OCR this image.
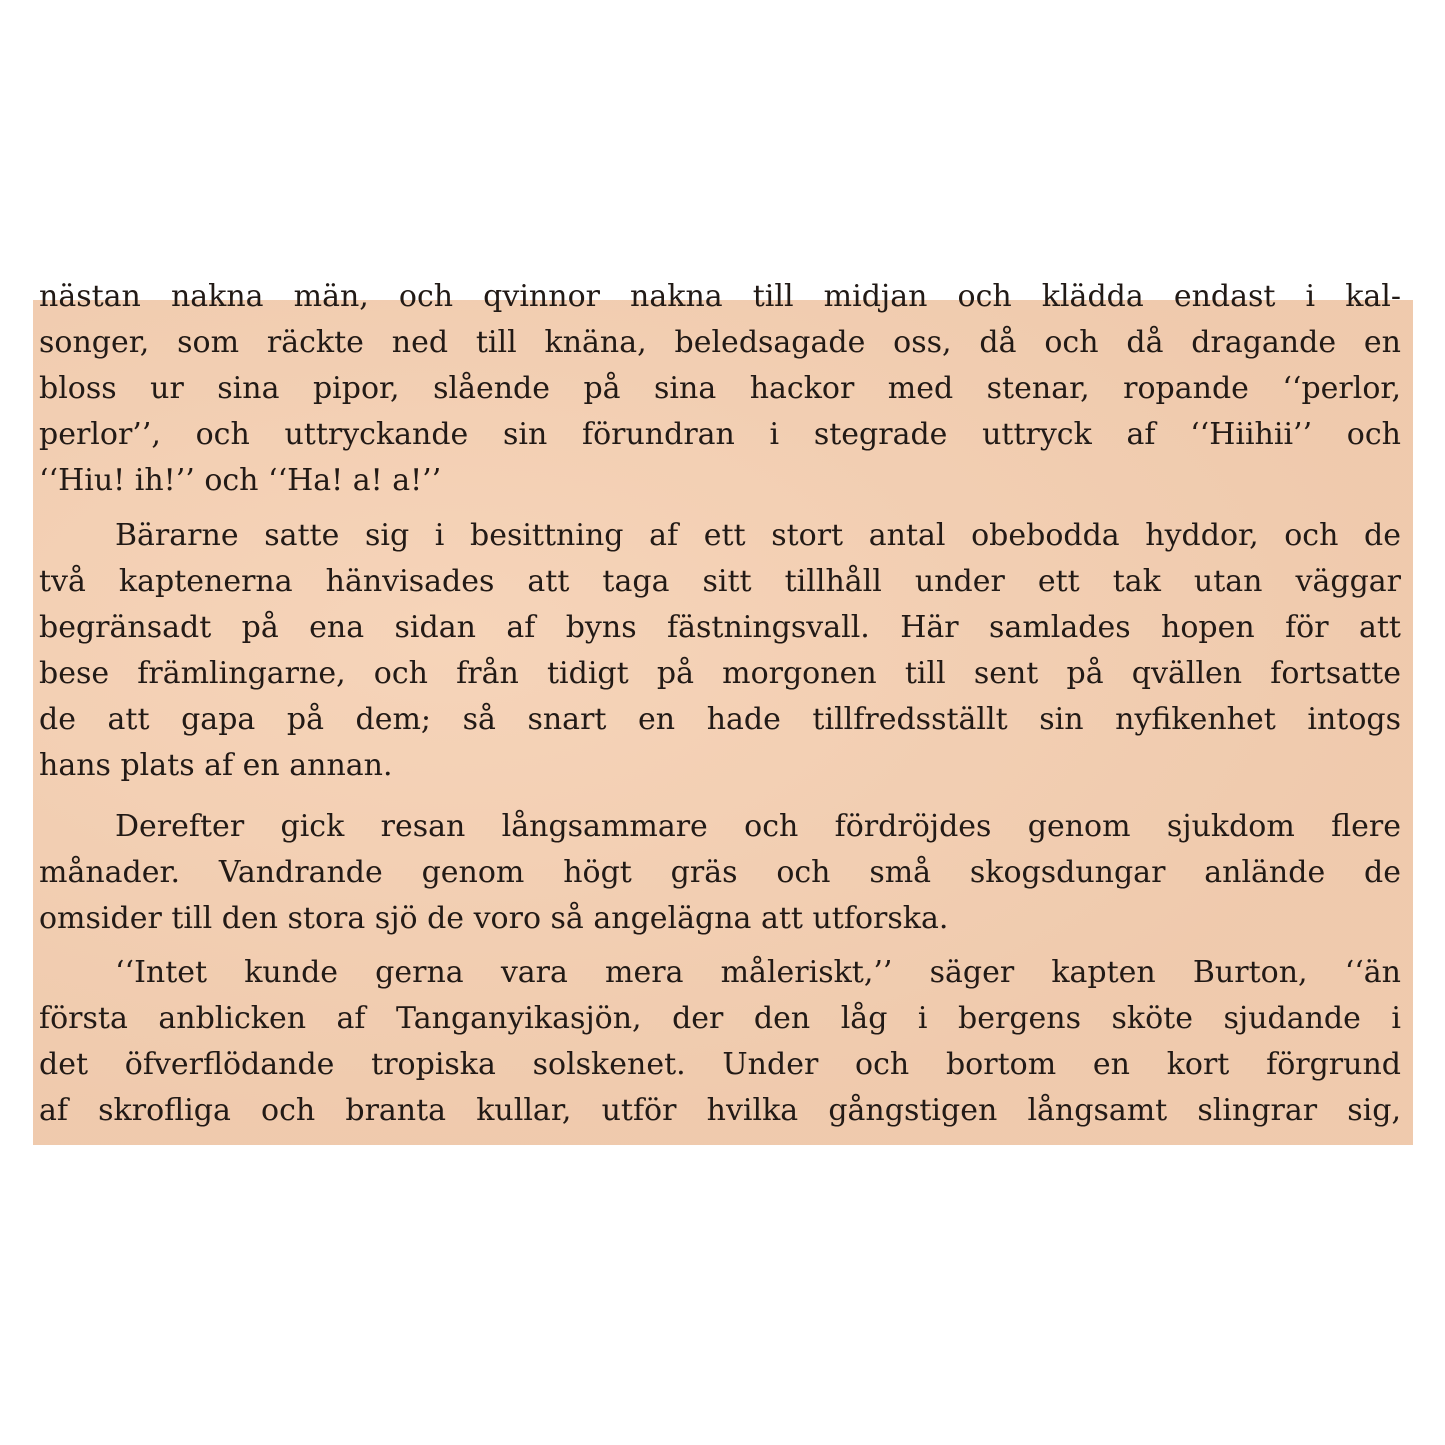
nästan nakna män, och qvinnor nakna till midjan och klädda endast i kal-
songer, som räckte ned till knäna, beledsagade oss, då och då dragande en
bloss ur sina pipor, slående på sina hackor med stenar, ropande ‘‘perlor,
perlor’’, och uttryckande sin förundran i stegrade uttryck af ‘‘Hiihii’’ och
‘‘Hiu! ih!’’ och ‘‘Ha! a! a!’’
Bärarne satte sig i besittning af ett stort antal obebodda hyddor, och de
två kaptenerna hänvisades att taga sitt tillhåll under ett tak utan väggar
begränsadt på ena sidan af byns fästningsvall. Här samlades hopen för att
bese främlingarne, och från tidigt på morgonen till sent på qvällen fortsatte
de att gapa på dem; så snart en hade tillfredsställt sin nyfikenhet intogs
hans plats af en annan.
Derefter gick resan långsammare och fördröjdes genom sjukdom flere
månader. Vandrande genom högt gräs och små skogsdungar anlände de
omsider till den stora sjö de voro så angelägna att utforska.
‘‘Intet kunde gerna vara mera måleriskt,’’ säger kapten Burton, ‘‘än
första anblicken af Tanganyikasjön, der den låg i bergens sköte sjudande i
det öfverflödande tropiska solskenet. Under och bortom en kort förgrund
af skrofliga och branta kullar, utför hvilka gångstigen långsamt slingrar sig,
